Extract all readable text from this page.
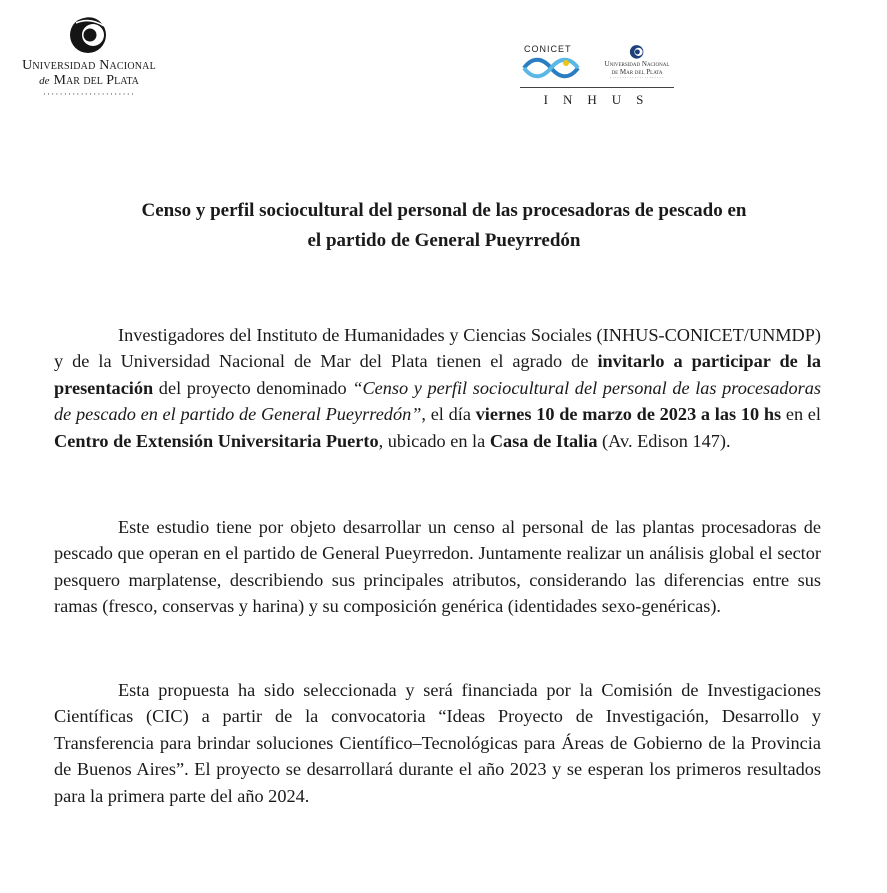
Universidad Nacional
de Mar del Plata
······················
CONICET
Universidad Nacional
de Mar del Plata
······················
INHUS
Censo y perfil sociocultural del personal de las procesadoras de pescado en
el partido de General Pueyrredón
Investigadores del Instituto de Humanidades y Ciencias Sociales (INHUS-CONICET/UNMDP) y de la Universidad Nacional de Mar del Plata tienen el agrado de invitarlo a participar de la presentación del proyecto denominado “Censo y perfil sociocultural del personal de las procesadoras de pescado en el partido de General Pueyrredón”, el día viernes 10 de marzo de 2023 a las 10 hs en el Centro de Extensión Universitaria Puerto, ubicado en la Casa de Italia (Av. Edison 147).
Este estudio tiene por objeto desarrollar un censo al personal de las plantas procesadoras de pescado que operan en el partido de General Pueyrredon. Juntamente realizar un análisis global el sector pesquero marplatense, describiendo sus principales atributos, considerando las diferencias entre sus ramas (fresco, conservas y harina) y su composición genérica (identidades sexo-genéricas).
Esta propuesta ha sido seleccionada y será financiada por la Comisión de Investigaciones Científicas (CIC) a partir de la convocatoria “Ideas Proyecto de Investigación, Desarrollo y Transferencia para brindar soluciones Científico–Tecnológicas para Áreas de Gobierno de la Provincia de Buenos Aires”. El proyecto se desarrollará durante el año 2023 y se esperan los primeros resultados para la primera parte del año 2024.
